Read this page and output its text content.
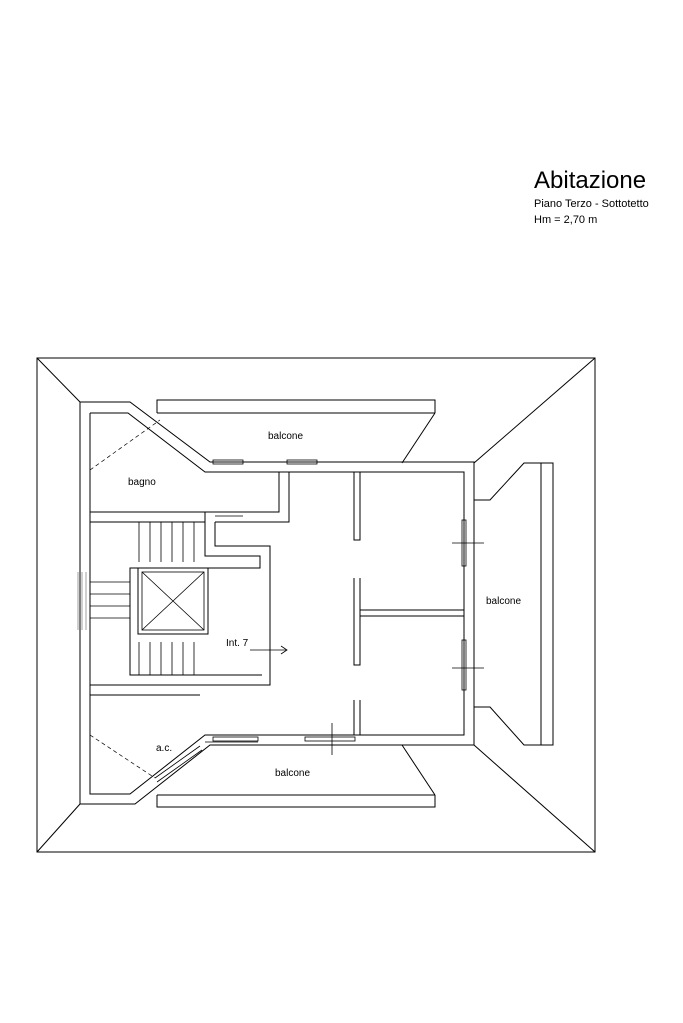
Abitazione
Piano Terzo - Sottotetto
Hm = 2,70 m
balcone
balcone
balcone
bagno
Int. 7
a.c.
